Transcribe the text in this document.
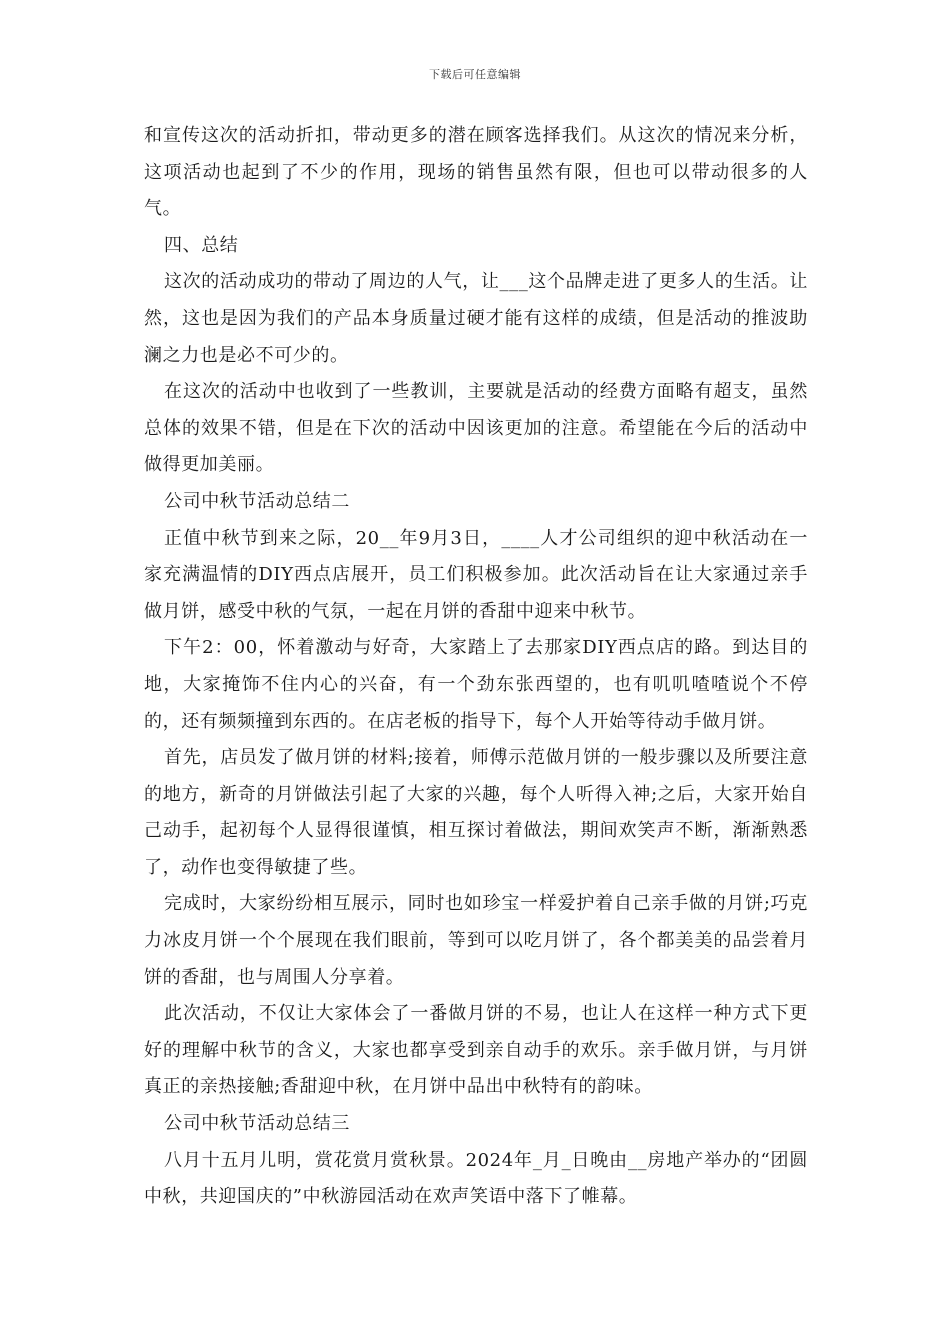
下载后可任意编辑

和宣传这次的活动折扣，带动更多的潜在顾客选择我们。从这次的情况来分析，这项活动也起到了不少的作用，现场的销售虽然有限，但也可以带动很多的人气。

四、总结

这次的活动成功的带动了周边的人气，让___这个品牌走进了更多人的生活。让然，这也是因为我们的产品本身质量过硬才能有这样的成绩，但是活动的推波助澜之力也是必不可少的。

在这次的活动中也收到了一些教训，主要就是活动的经费方面略有超支，虽然总体的效果不错，但是在下次的活动中因该更加的注意。希望能在今后的活动中做得更加美丽。

公司中秋节活动总结二

正值中秋节到来之际，20__年9月3日，____人才公司组织的迎中秋活动在一家充满温情的DIY西点店展开，员工们积极参加。此次活动旨在让大家通过亲手做月饼，感受中秋的气氛，一起在月饼的香甜中迎来中秋节。

下午2：00，怀着激动与好奇，大家踏上了去那家DIY西点店的路。到达目的地，大家掩饰不住内心的兴奋，有一个劲东张西望的，也有叽叽喳喳说个不停的，还有频频撞到东西的。在店老板的指导下，每个人开始等待动手做月饼。

首先，店员发了做月饼的材料;接着，师傅示范做月饼的一般步骤以及所要注意的地方，新奇的月饼做法引起了大家的兴趣，每个人听得入神;之后，大家开始自己动手，起初每个人显得很谨慎，相互探讨着做法，期间欢笑声不断，渐渐熟悉了，动作也变得敏捷了些。

完成时，大家纷纷相互展示，同时也如珍宝一样爱护着自己亲手做的月饼;巧克力冰皮月饼一个个展现在我们眼前，等到可以吃月饼了，各个都美美的品尝着月饼的香甜，也与周围人分享着。

此次活动，不仅让大家体会了一番做月饼的不易，也让人在这样一种方式下更好的理解中秋节的含义，大家也都享受到亲自动手的欢乐。亲手做月饼，与月饼真正的亲热接触;香甜迎中秋，在月饼中品出中秋特有的韵味。

公司中秋节活动总结三

八月十五月儿明，赏花赏月赏秋景。2024年_月_日晚由__房地产举办的“团圆中秋，共迎国庆的”中秋游园活动在欢声笑语中落下了帷幕。
